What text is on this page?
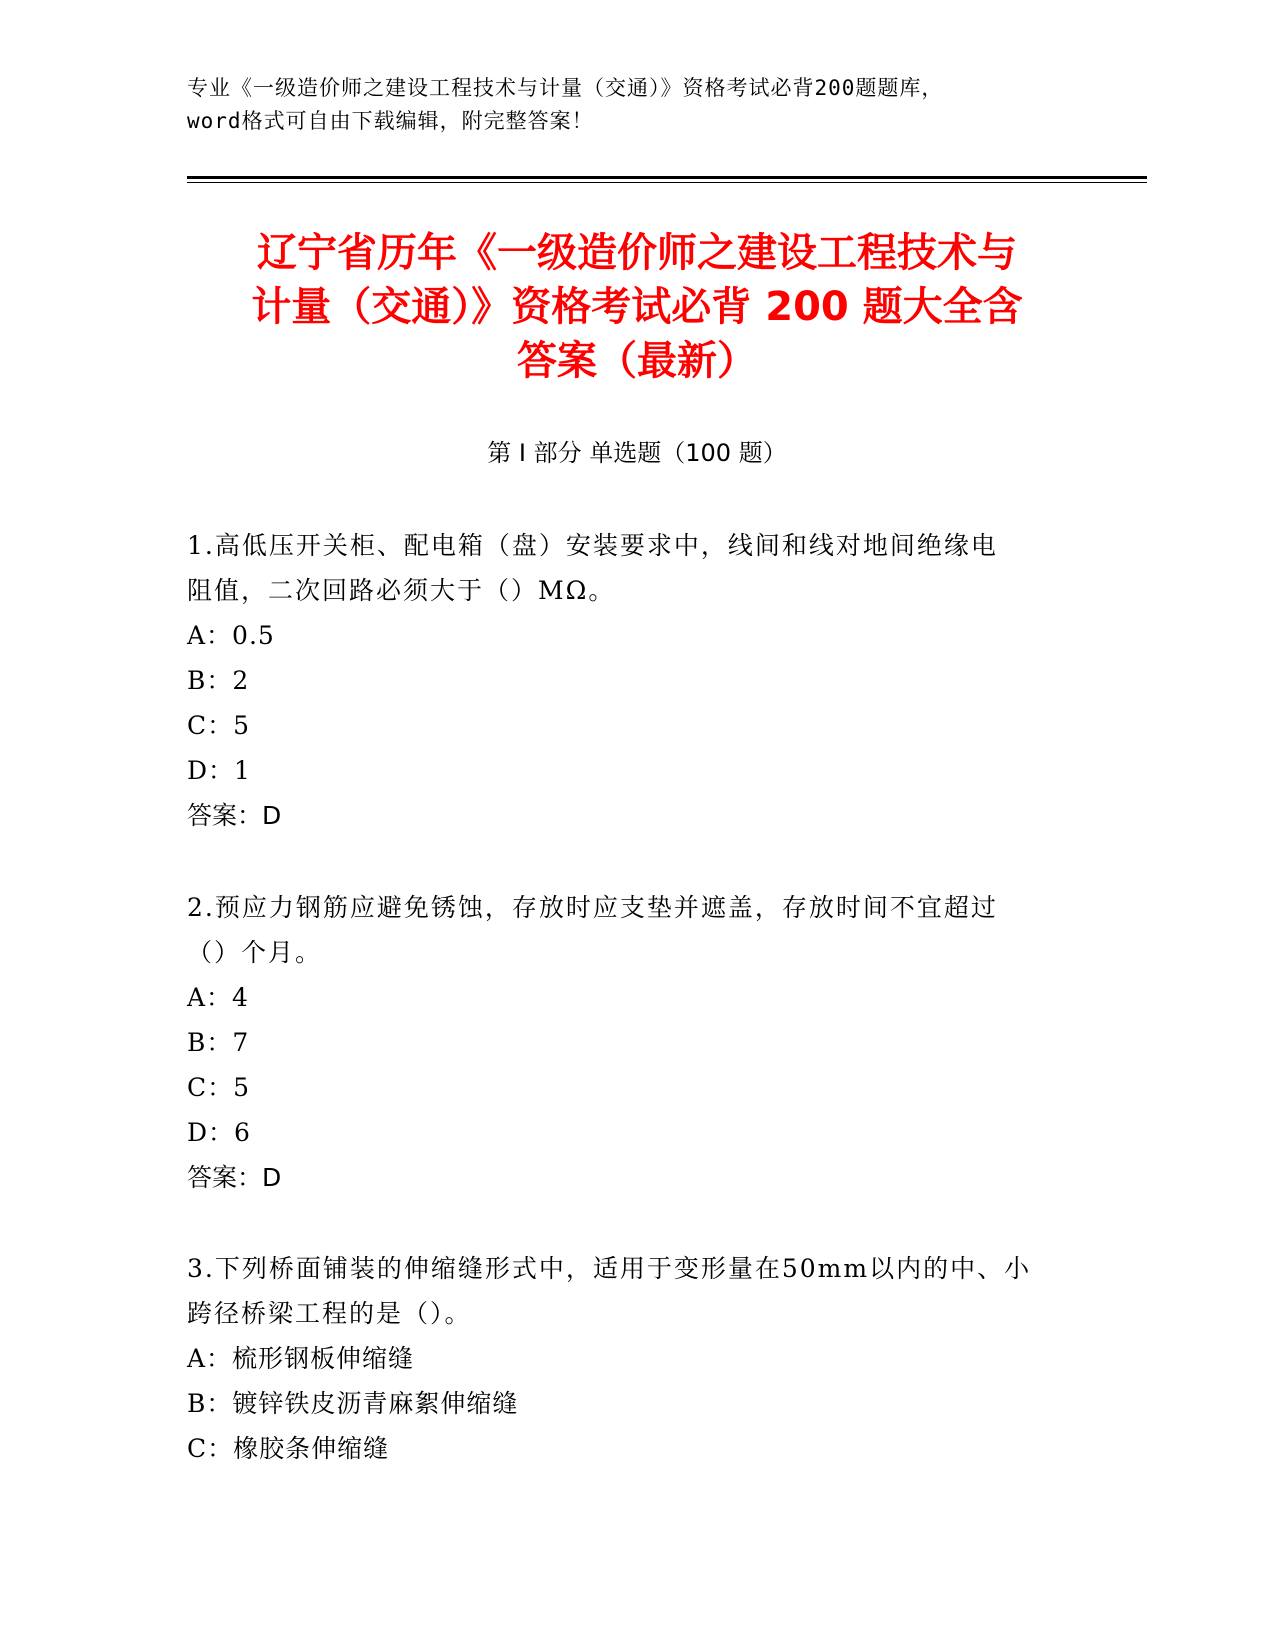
专业《一级造价师之建设工程技术与计量（交通）》资格考试必背200题题库，
word格式可自由下载编辑，附完整答案！
辽宁省历年《一级造价师之建设工程技术与
计量（交通）》资格考试必背 200 题大全含
答案（最新）
第 I 部分 单选题（100 题）
1.高低压开关柜、配电箱（盘）安装要求中，线间和线对地间绝缘电
阻值，二次回路必须大于（）MΩ。
A：0.5
B：2
C：5
D：1
答案：D
2.预应力钢筋应避免锈蚀，存放时应支垫并遮盖，存放时间不宜超过
（）个月。
A：4
B：7
C：5
D：6
答案：D
3.下列桥面铺装的伸缩缝形式中，适用于变形量在50mm以内的中、小
跨径桥梁工程的是（）。
A：梳形钢板伸缩缝
B：镀锌铁皮沥青麻絮伸缩缝
C：橡胶条伸缩缝
